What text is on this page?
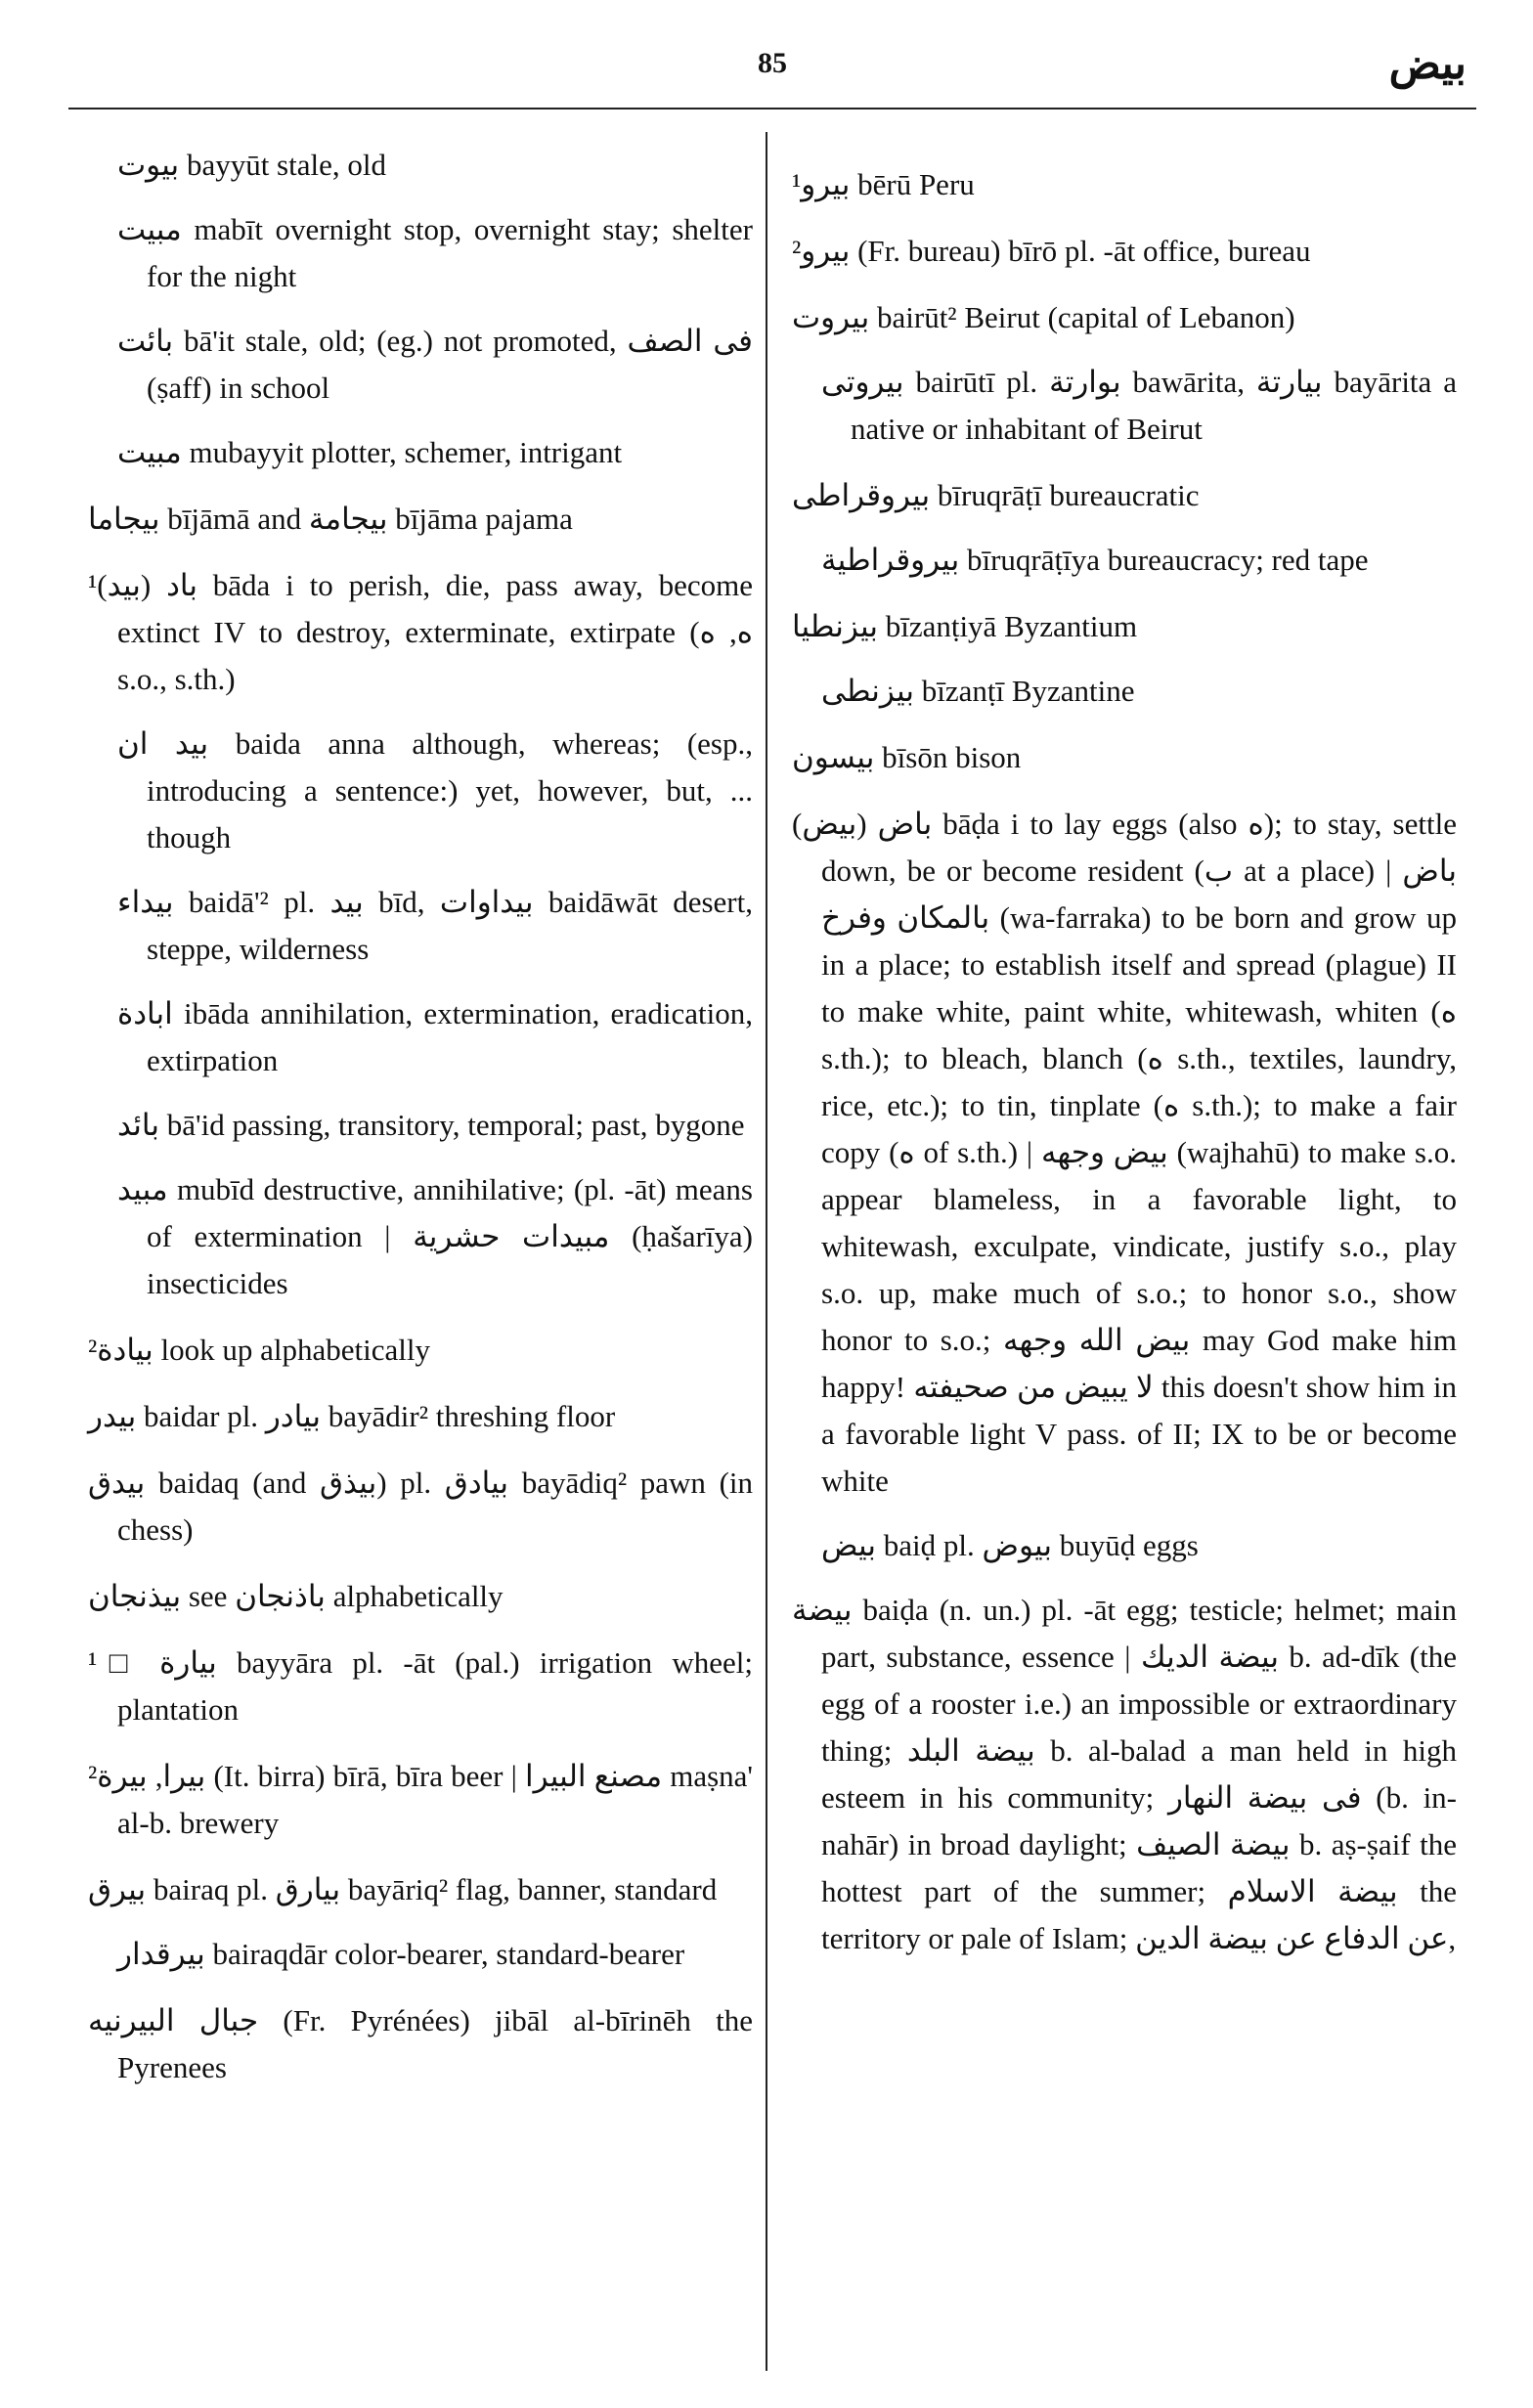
85	بيض

بيوت bayyūt stale, old

مبيت mabīt overnight stop, overnight stay; shelter for the night

بائت bā'it stale, old; (eg.) not promoted, فى الصف (ṣaff) in school

مبيت mubayyit plotter, schemer, intrigant

بيجاما bījāmā and بيجامة bījāma pajama

¹(بيد) باد bāda i to perish, die, pass away, become extinct IV to destroy, exterminate, extirpate (ه, ه s.o., s.th.)

بيد ان baida anna although, whereas; (esp., introducing a sentence:) yet, however, but, ... though

بيداء baidā'² pl. بيد bīd, بيداوات baidāwāt desert, steppe, wilderness

ابادة ibāda annihilation, extermination, eradication, extirpation

بائد bā'id passing, transitory, temporal; past, bygone

مبيد mubīd destructive, annihilative; (pl. -āt) means of extermination | مبيدات حشرية (ḥašarīya) insecticides

²بيادة look up alphabetically

بيدر baidar pl. بيادر bayādir² threshing floor

بيدق baidaq (and بيذق) pl. بيادق bayādiq² pawn (in chess)

بيذنجان see باذنجان alphabetically

¹□ بيارة bayyāra pl. -āt (pal.) irrigation wheel; plantation

²بيرا, بيرة (It. birra) bīrā, bīra beer | مصنع البيرا maṣna' al-b. brewery

بيرق bairaq pl. بيارق bayāriq² flag, banner, standard

بيرقدار bairaqdār color-bearer, standard-bearer

جبال البيرنيه (Fr. Pyrénées) jibāl al-bīrinēh the Pyrenees

¹بيرو bērū Peru

²بيرو (Fr. bureau) bīrō pl. -āt office, bureau

بيروت bairūt² Beirut (capital of Lebanon)

بيروتى bairūtī pl. بوارتة bawārita, بيارتة bayārita a native or inhabitant of Beirut

بيروقراطى bīruqrāṭī bureaucratic

بيروقراطية bīruqrāṭīya bureaucracy; red tape

بيزنطيا bīzanṭiyā Byzantium

بيزنطى bīzanṭī Byzantine

بيسون bīsōn bison

(بيض) باض bāḍa i to lay eggs (also ه); to stay, settle down, be or become resident (ب at a place) | باض بالمكان وفرخ (wa-farraka) to be born and grow up in a place; to establish itself and spread (plague) II to make white, paint white, whitewash, whiten (ه s.th.); to bleach, blanch (ه s.th., textiles, laundry, rice, etc.); to tin, tinplate (ه s.th.); to make a fair copy (ه of s.th.) | بيض وجهه (wajhahū) to make s.o. appear blameless, in a favorable light, to whitewash, exculpate, vindicate, justify s.o., play s.o. up, make much of s.o.; to honor s.o., show honor to s.o.; بيض الله وجهه may God make him happy! لا يبيض من صحيفته this doesn't show him in a favorable light V pass. of II; IX to be or become white

بيض baiḍ pl. بيوض buyūḍ eggs

بيضة baiḍa (n. un.) pl. -āt egg; testicle; helmet; main part, substance, essence | بيضة الديك b. ad-dīk (the egg of a rooster i.e.) an impossible or extraordinary thing; بيضة البلد b. al-balad a man held in high esteem in his community; فى بيضة النهار (b. in-nahār) in broad daylight; بيضة الصيف b. aṣ-ṣaif the hottest part of the summer; بيضة الاسلام the territory or pale of Islam; عن الدفاع عن بيضة الدين,
